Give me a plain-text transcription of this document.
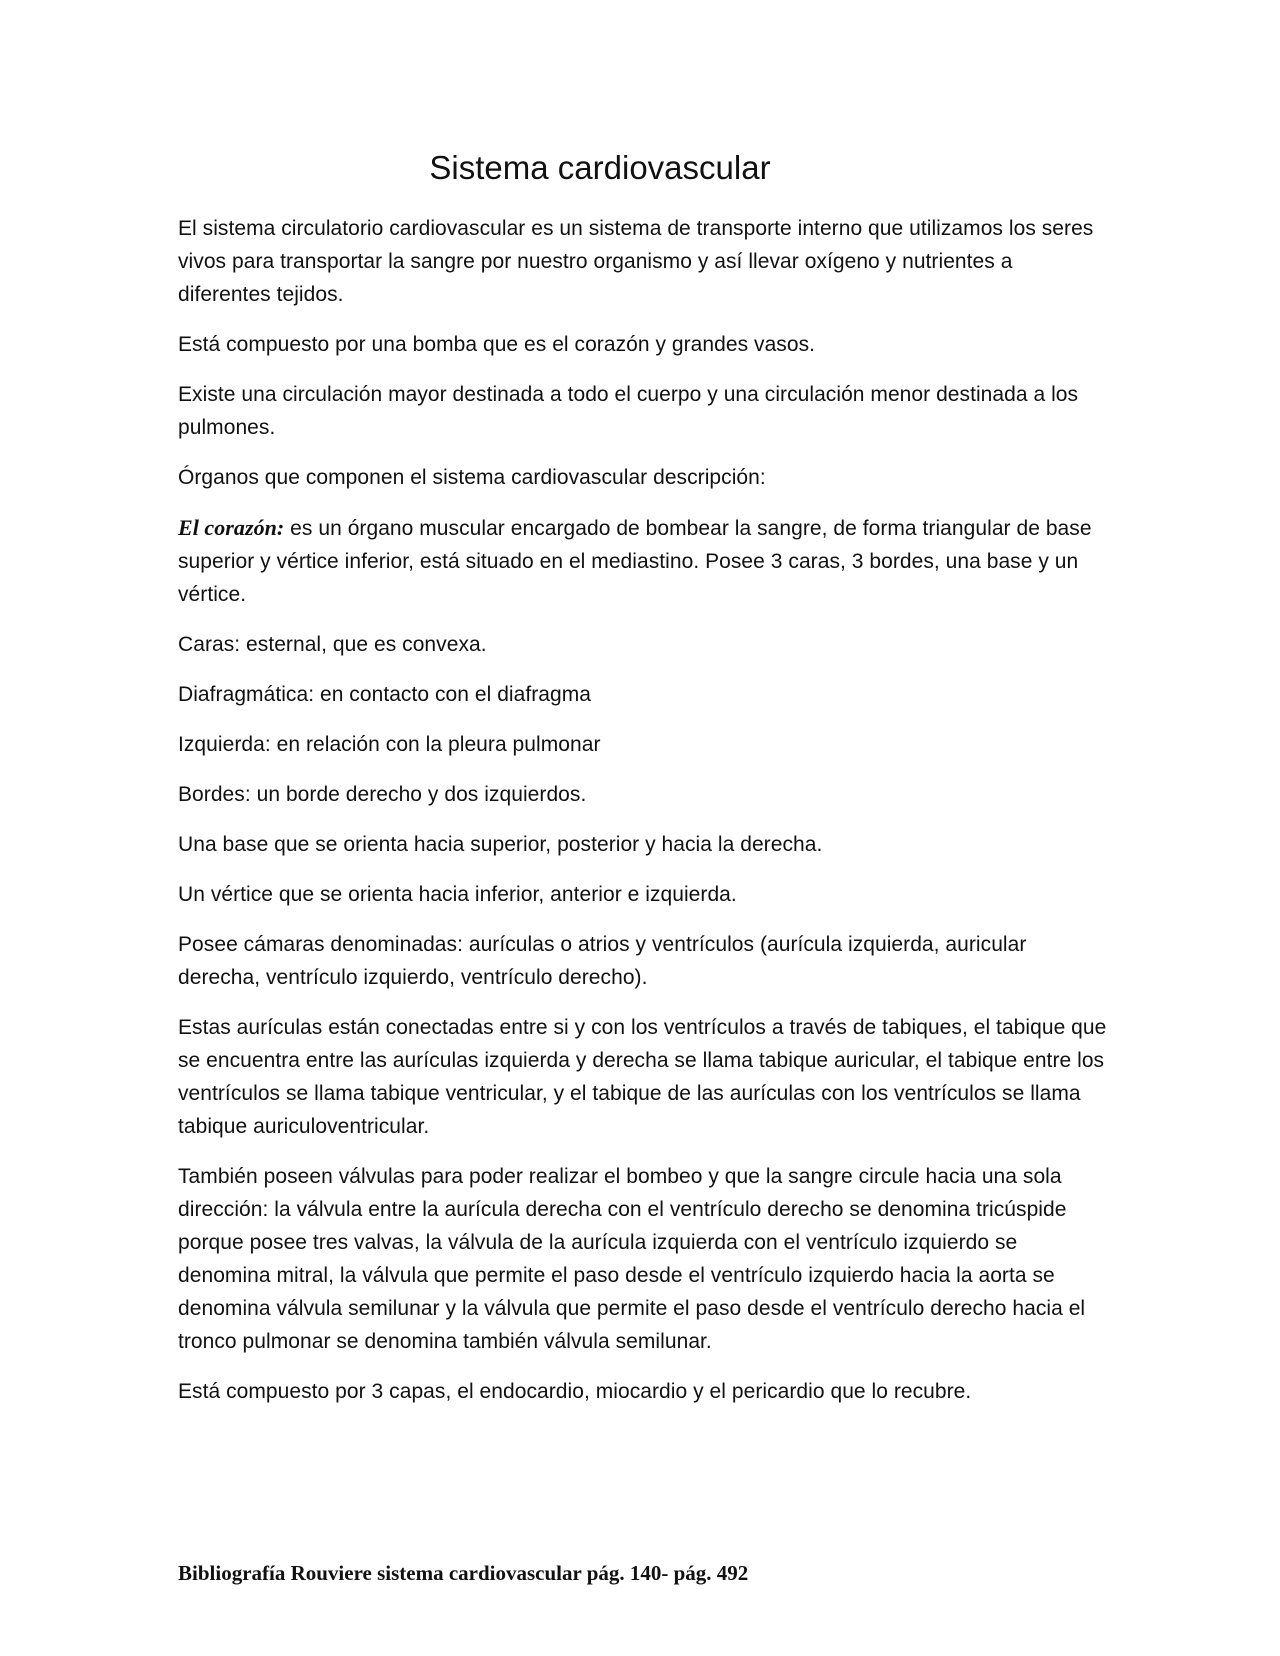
Sistema cardiovascular

El sistema circulatorio cardiovascular es un sistema de transporte interno que utilizamos los seres vivos para transportar la sangre por nuestro organismo y así llevar oxígeno y nutrientes a diferentes tejidos.

Está compuesto por una bomba que es el corazón y grandes vasos.

Existe una circulación mayor destinada a todo el cuerpo y una circulación menor destinada a los pulmones.

Órganos que componen el sistema cardiovascular descripción:

El corazón: es un órgano muscular encargado de bombear la sangre, de forma triangular de base superior y vértice inferior, está situado en el mediastino. Posee 3 caras, 3 bordes, una base y un vértice.

Caras: esternal, que es convexa.

Diafragmática: en contacto con el diafragma

Izquierda: en relación con la pleura pulmonar

Bordes: un borde derecho y dos izquierdos.

Una base que se orienta hacia superior, posterior y hacia la derecha.

Un vértice que se orienta hacia inferior, anterior e izquierda.

Posee cámaras denominadas: aurículas o atrios y ventrículos (aurícula izquierda, auricular derecha, ventrículo izquierdo, ventrículo derecho).

Estas aurículas están conectadas entre si y con los ventrículos a través de tabiques, el tabique que se encuentra entre las aurículas izquierda y derecha se llama tabique auricular, el tabique entre los ventrículos se llama tabique ventricular, y el tabique de las aurículas con los ventrículos se llama tabique auriculoventricular.

También poseen válvulas para poder realizar el bombeo y que la sangre circule hacia una sola dirección: la válvula entre la aurícula derecha con el ventrículo derecho se denomina tricúspide porque posee tres valvas, la válvula de la aurícula izquierda con el ventrículo izquierdo se denomina mitral, la válvula que permite el paso desde el ventrículo izquierdo hacia la aorta se denomina válvula semilunar y la válvula que permite el paso desde el ventrículo derecho hacia el tronco pulmonar se denomina también válvula semilunar.

Está compuesto por 3 capas, el endocardio, miocardio y el pericardio que lo recubre.

Bibliografía Rouviere sistema cardiovascular pág. 140- pág. 492
